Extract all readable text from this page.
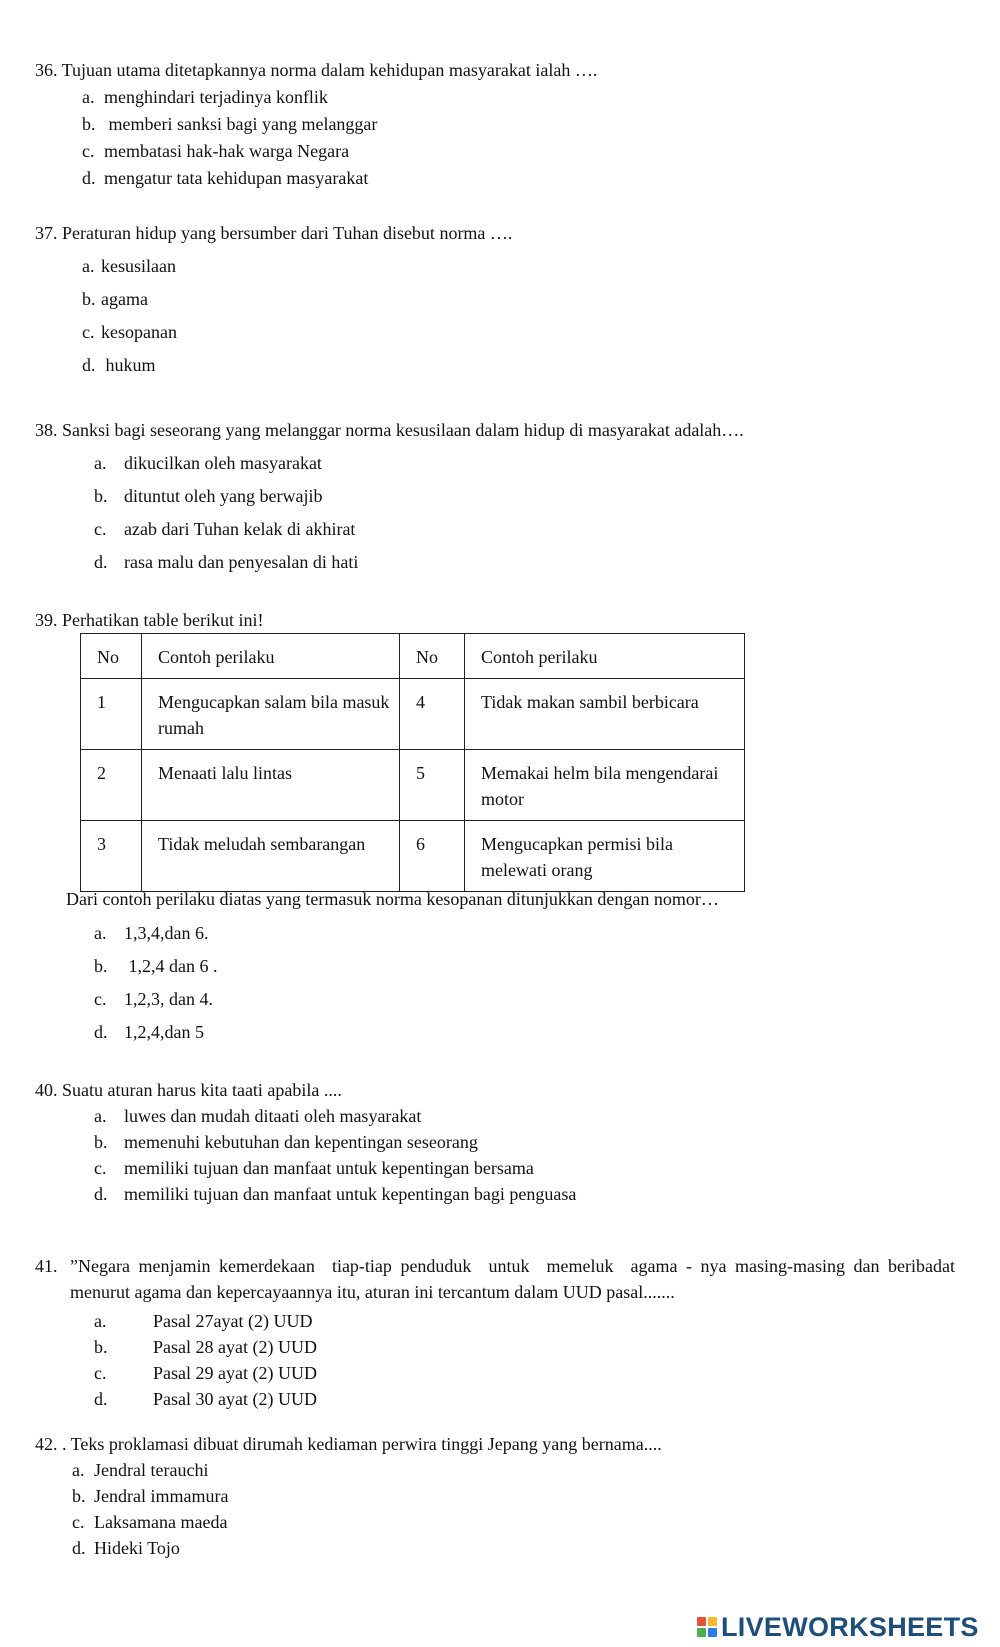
36. Tujuan utama ditetapkannya norma dalam kehidupan masyarakat ialah ….
a. menghindari terjadinya konflik
b. memberi sanksi bagi yang melanggar
c. membatasi hak-hak warga Negara
d. mengatur tata kehidupan masyarakat
37. Peraturan hidup yang bersumber dari Tuhan disebut norma ….
a. kesusilaan
b. agama
c. kesopanan
d. hukum
38. Sanksi bagi seseorang yang melanggar norma kesusilaan dalam hidup di masyarakat adalah….
a. dikucilkan oleh masyarakat
b. dituntut oleh yang berwajib
c. azab dari Tuhan kelak di akhirat
d. rasa malu dan penyesalan di hati
39. Perhatikan table berikut ini!
No	Contoh perilaku	No	Contoh perilaku
1	Mengucapkan salam bila masuk rumah	4	Tidak makan sambil berbicara
2	Menaati lalu lintas	5	Memakai helm bila mengendarai motor
3	Tidak meludah sembarangan	6	Mengucapkan permisi bila melewati orang
Dari contoh perilaku diatas yang termasuk norma kesopanan ditunjukkan dengan nomor…
a. 1,3,4,dan 6.
b. 1,2,4 dan 6 .
c. 1,2,3, dan 4.
d. 1,2,4,dan 5
40. Suatu aturan harus kita taati apabila ....
a. luwes dan mudah ditaati oleh masyarakat
b. memenuhi kebutuhan dan kepentingan seseorang
c. memiliki tujuan dan manfaat untuk kepentingan bersama
d. memiliki tujuan dan manfaat untuk kepentingan bagi penguasa
41. ”Negara menjamin kemerdekaan  tiap-tiap penduduk  untuk  memeluk  agama - nya masing-masing dan beribadat menurut agama dan kepercayaannya itu, aturan ini tercantum dalam UUD pasal.......
a.	Pasal 27ayat (2) UUD
b.	Pasal 28 ayat (2) UUD
c.	Pasal 29 ayat (2) UUD
d.	Pasal 30 ayat (2) UUD
42. . Teks proklamasi dibuat dirumah kediaman perwira tinggi Jepang yang bernama....
a. Jendral terauchi
b. Jendral immamura
c. Laksamana maeda
d. Hideki Tojo
LIVEWORKSHEETS
